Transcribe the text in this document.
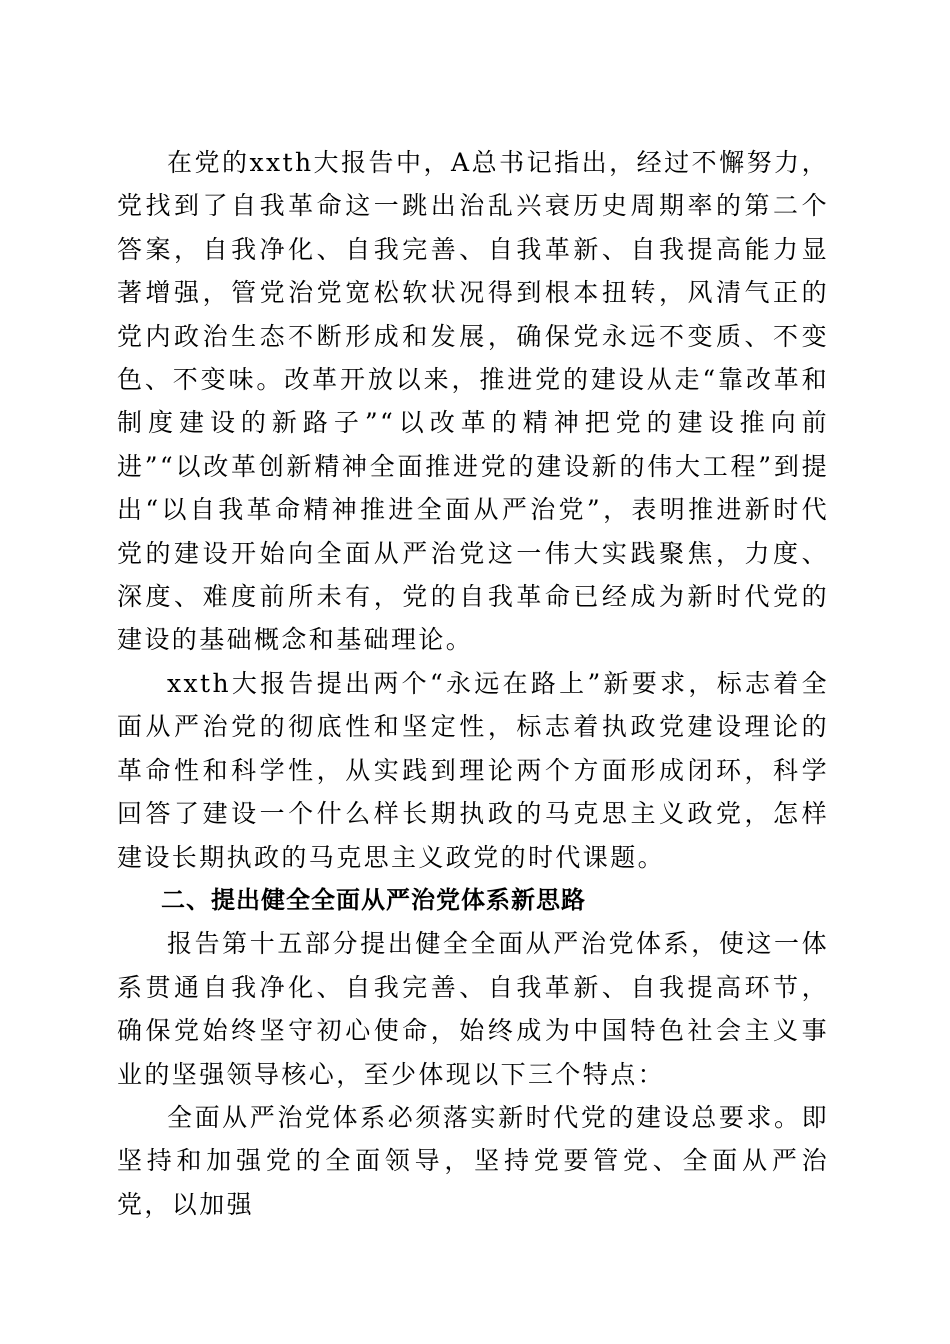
在党的xxth大报告中，A总书记指出，经过不懈努力，党找到了自我革命这一跳出治乱兴衰历史周期率的第二个答案，自我净化、自我完善、自我革新、自我提高能力显著增强，管党治党宽松软状况得到根本扭转，风清气正的党内政治生态不断形成和发展，确保党永远不变质、不变色、不变味。改革开放以来，推进党的建设从走“靠改革和制度建设的新路子”“以改革的精神把党的建设推向前进”“以改革创新精神全面推进党的建设新的伟大工程”到提出“以自我革命精神推进全面从严治党”，表明推进新时代党的建设开始向全面从严治党这一伟大实践聚焦，力度、深度、难度前所未有，党的自我革命已经成为新时代党的建设的基础概念和基础理论。

xxth大报告提出两个“永远在路上”新要求，标志着全面从严治党的彻底性和坚定性，标志着执政党建设理论的革命性和科学性，从实践到理论两个方面形成闭环，科学回答了建设一个什么样长期执政的马克思主义政党，怎样建设长期执政的马克思主义政党的时代课题。

二、提出健全全面从严治党体系新思路

报告第十五部分提出健全全面从严治党体系，使这一体系贯通自我净化、自我完善、自我革新、自我提高环节，确保党始终坚守初心使命，始终成为中国特色社会主义事业的坚强领导核心，至少体现以下三个特点：

全面从严治党体系必须落实新时代党的建设总要求。即坚持和加强党的全面领导，坚持党要管党、全面从严治党，以加强
